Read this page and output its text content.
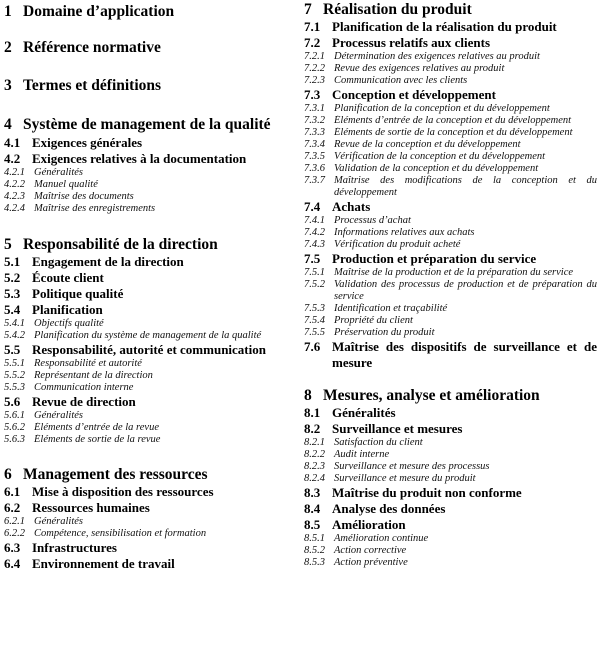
1 Domaine d’application
2 Référence normative
3 Termes et définitions
4 Système de management de la qualité
4.1 Exigences générales
4.2 Exigences relatives à la documentation
4.2.1 Généralités
4.2.2 Manuel qualité
4.2.3 Maîtrise des documents
4.2.4 Maîtrise des enregistrements
5 Responsabilité de la direction
5.1 Engagement de la direction
5.2 Écoute client
5.3 Politique qualité
5.4 Planification
5.4.1 Objectifs qualité
5.4.2 Planification du système de management de la qualité
5.5 Responsabilité, autorité et communication
5.5.1 Responsabilité et autorité
5.5.2 Représentant de la direction
5.5.3 Communication interne
5.6 Revue de direction
5.6.1 Généralités
5.6.2 Éléments d’entrée de la revue
5.6.3 Éléments de sortie de la revue
6 Management des ressources
6.1 Mise à disposition des ressources
6.2 Ressources humaines
6.2.1 Généralités
6.2.2 Compétence, sensibilisation et formation
6.3 Infrastructures
6.4 Environnement de travail
7 Réalisation du produit
7.1 Planification de la réalisation du produit
7.2 Processus relatifs aux clients
7.2.1 Détermination des exigences relatives au produit
7.2.2 Revue des exigences relatives au produit
7.2.3 Communication avec les clients
7.3 Conception et développement
7.3.1 Planification de la conception et du développement
7.3.2 Éléments d’entrée de la conception et du développement
7.3.3 Éléments de sortie de la conception et du développement
7.3.4 Revue de la conception et du développement
7.3.5 Vérification de la conception et du développement
7.3.6 Validation de la conception et du développement
7.3.7 Maîtrise des modifications de la conception et du développement
7.4 Achats
7.4.1 Processus d’achat
7.4.2 Informations relatives aux achats
7.4.3 Vérification du produit acheté
7.5 Production et préparation du service
7.5.1 Maîtrise de la production et de la préparation du service
7.5.2 Validation des processus de production et de préparation du service
7.5.3 Identification et traçabilité
7.5.4 Propriété du client
7.5.5 Préservation du produit
7.6 Maîtrise des dispositifs de surveillance et de mesure
8 Mesures, analyse et amélioration
8.1 Généralités
8.2 Surveillance et mesures
8.2.1 Satisfaction du client
8.2.2 Audit interne
8.2.3 Surveillance et mesure des processus
8.2.4 Surveillance et mesure du produit
8.3 Maîtrise du produit non conforme
8.4 Analyse des données
8.5 Amélioration
8.5.1 Amélioration continue
8.5.2 Action corrective
8.5.3 Action préventive
